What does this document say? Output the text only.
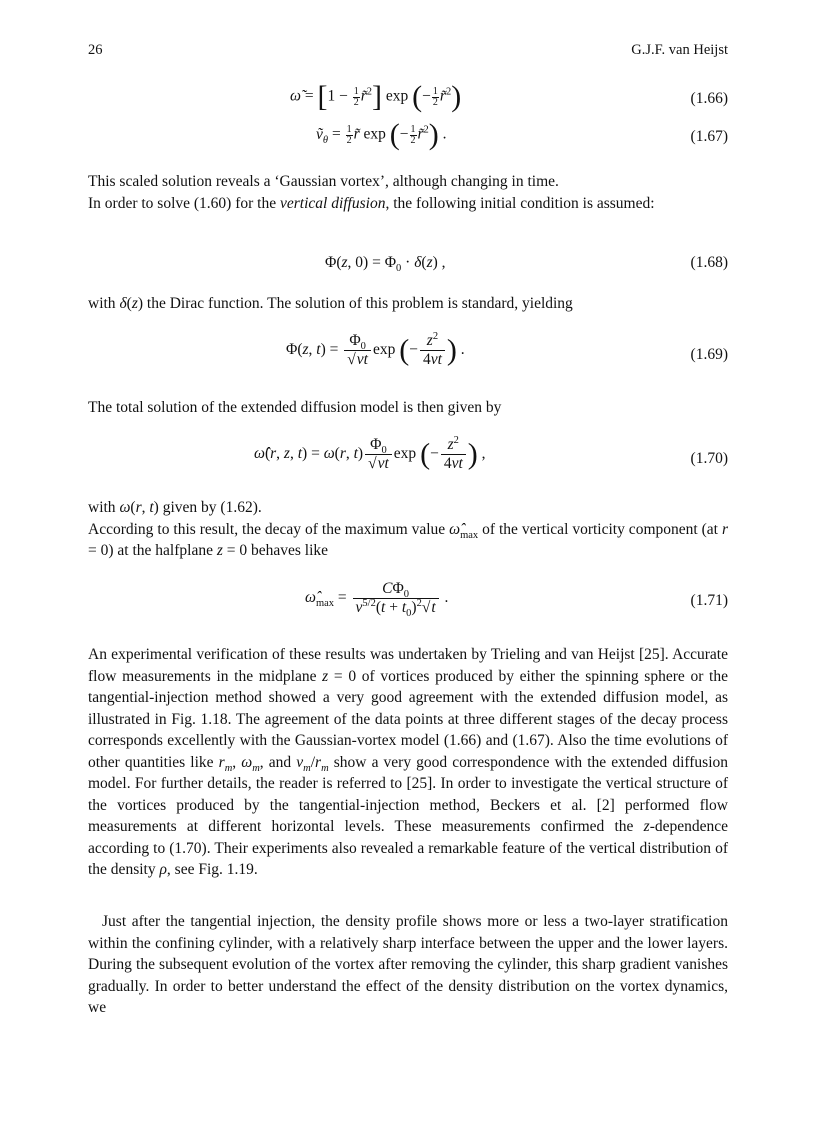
26	G.J.F. van Heijst
ω̃ = [$1 - \frac{1}{2}$ r̃$^2$] exp (− $\frac{1}{2}$ r̃$^2$)	(1.66)
ṽ$_\theta$ = $\frac{1}{2}$ r̃ exp (− $\frac{1}{2}$ r̃$^2$) .	(1.67)
This scaled solution reveals a ‘Gaussian vortex’, although changing in time.
In order to solve (1.60) for the vertical diffusion, the following initial condition is assumed:
Φ(z, $0) = \Phi_0 \cdot \delta(z)$ ,	(1.68)
with δ(z) the Dirac function. The solution of this problem is standard, yielding
Φ(z, $t) = \frac{\Phi_0}{√\nu t}$ exp (− $\frac{z^2}{4\nu t}$ ) .	(1.69)
The total solution of the extended diffusion model is then given by
ω̂(r, z, t) = ω(r, $t) \frac{\Phi_0}{√\nu t}$ exp (− $\frac{z^2}{4\nu t}$ ) ,	(1.70)
with ω(r, t) given by (1.62).
According to this result, the decay of the maximum value $\omegâ_{max}$ of the vertical vorticity component (at r = 0) at the halfplane z = 0 behaves like
$\omegâ_{max} = \frac{C\Phi_0}{\nu^{5/2}(t + t_0)^2√t}$ .	(1.71)
An experimental verification of these results was undertaken by Trieling and van Heijst [25]. Accurate flow measurements in the midplane z = 0 of vortices produced by either the spinning sphere or the tangential-injection method showed a very good agreement with the extended diffusion model, as illustrated in Fig. 1.18. The agreement of the data points at three different stages of the decay process corresponds excellently with the Gaussian-vortex model (1.66) and (1.67). Also the time evolutions of other quantities like $r_m$, $\omega_m$, and $v_m/r_m$ show a very good correspondence with the extended diffusion model. For further details, the reader is referred to [25]. In order to investigate the vertical structure of the vortices produced by the tangential-injection method, Beckers et al. [2] performed flow measurements at different horizontal levels. These measurements confirmed the z-dependence according to (1.70). Their experiments also revealed a remarkable feature of the vertical distribution of the density ρ, see Fig. 1.19.
Just after the tangential injection, the density profile shows more or less a two-layer stratification within the confining cylinder, with a relatively sharp interface between the upper and the lower layers. During the subsequent evolution of the vortex after removing the cylinder, this sharp gradient vanishes gradually. In order to better understand the effect of the density distribution on the vortex dynamics, we
